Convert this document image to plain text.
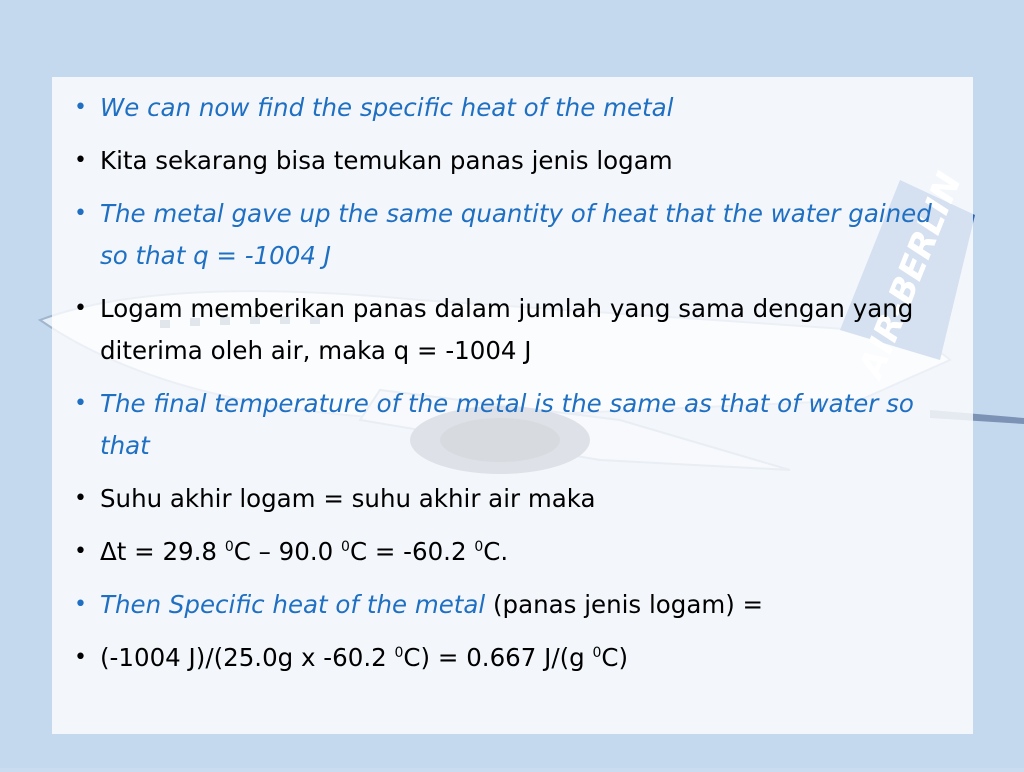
• We can now find the specific heat of the metal
• Kita sekarang bisa temukan panas jenis logam
• The metal gave up the same quantity of heat that the water gained so that q = -1004 J
• Logam memberikan panas dalam jumlah yang sama dengan yang diterima oleh air, maka q = -1004 J
• The final temperature of the metal is the same as that of water so that
• Suhu akhir logam = suhu akhir air maka
• Δt = 29.8 $^0$C – 90.0 $^0$C = -60.2 $^0$C.
• Then Specific heat of the metal (panas jenis logam) =
• (-1004 J)/(25.0g x -60.2 $^0$C) = 0.667 J/(g $^0$C)
